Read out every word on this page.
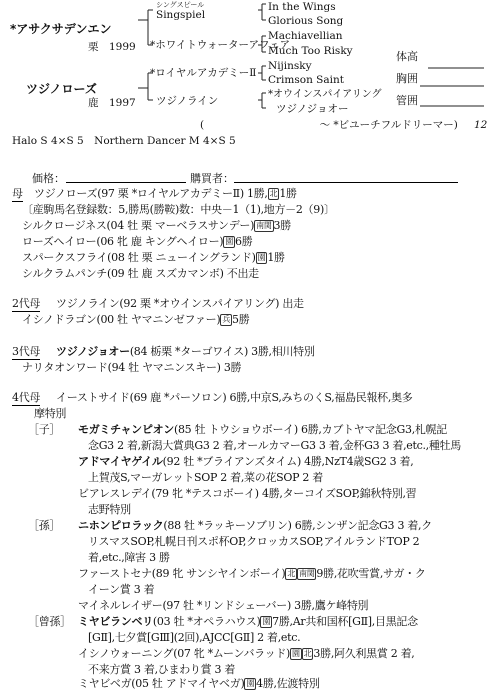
*アサクサデンエン
栗　1999
ツジノローズ
鹿　1997
シングスピール
Singspiel
*ホワイトウォーターアフェア
*ロイヤルアカデミーⅡ
ツジノライン
In the Wings
Glorious Song
Machiavellian
Much Too Risky
Nijinsky
Crimson Saint
*オウインスパイアリング
ツジノジョオー
体高
胸囲
管囲
(　　　　　　　　　　　～ *ビユーチフルドリーマー) 12
Halo S 4×S 5　Northern Dancer M 4×S 5
価格：	購買者：
母 ツジノローズ(97 栗 *ロイヤルアカデミーⅡ) 1勝, 北 1勝
〔産駒馬名登録数：5,勝馬(勝鞍)数：中央－1（1),地方－2（9)〕
シルクロージネス(04 牡 栗 マーベラスサンデー) 南関 3勝
ローズヘイロー(06 牝 鹿 キングヘイロー) 園 6勝
スパークスフライ(08 牡 栗 ニューイングランド) 園 1勝
シルクラムパンチ(09 牡 鹿 スズカマンボ) 不出走
2代母 ツジノライン(92 栗 *オウインスパイアリング) 出走
イシノドラゴン(00 牡 ヤマニンゼファー) 兵 5勝
3代母 ツジノジョオー(84 栃栗 *ターゴワイス) 3勝,相川特別
ナリタオンワード(94 牡 ヤマニンスキー) 3勝
4代母 イーストサイド(69 鹿 *パーソロン) 6勝,中京S,みちのくS,福島民報杯,奥多
摩特別
［子］ モガミチャンピオン(85 牡 トウショウボーイ) 6勝,カブトヤマ記念G3,札幌記
念G3 2 着,新潟大賞典G3 2 着,オールカマーG3 3 着,金杯G3 3 着,etc.,種牡馬
アドマイヤゲイル(92 牡 *ブライアンズタイム) 4勝,NzT4歳SG2 3 着,
上賀茂S,マーガレットSOP 2 着,菜の花SOP 2 着
ビアレスレデイ(79 牝 *テスコボーイ) 4勝,ターコイズSOP,錦秋特別,習
志野特別
［孫］ ニホンピロラック(88 牡 *ラッキーソブリン) 6勝,シンザン記念G3 3 着,ク
リスマスSOP,札幌日刊スポ杯OP,クロッカスSOP,アイルランドTOP 2
着,etc.,障害 3 勝
ファーストセナ(89 牝 サンシヤインボーイ) 北 南関 9勝,花吹雪賞,サガ・ク
イーン賞 3 着
マイネルレイザー(97 牡 *リンドシェーバー) 3勝,鷹ケ峰特別
［曾孫］ ミヤビランベリ(03 牡 *オペラハウス) 園 7勝,Ar共和国杯[GⅡ],目黒記念
[GⅡ],七夕賞[GⅢ](2回),AJCC[GⅡ] 2 着,etc.
イシノウォーニング(07 牝 *ムーンバラッド) 園 北 3勝,阿久利黒賞 2 着,
不来方賞 3 着,ひまわり賞 3 着
ミヤビベガ(05 牡 アドマイヤベガ) 園 4勝,佐渡特別
